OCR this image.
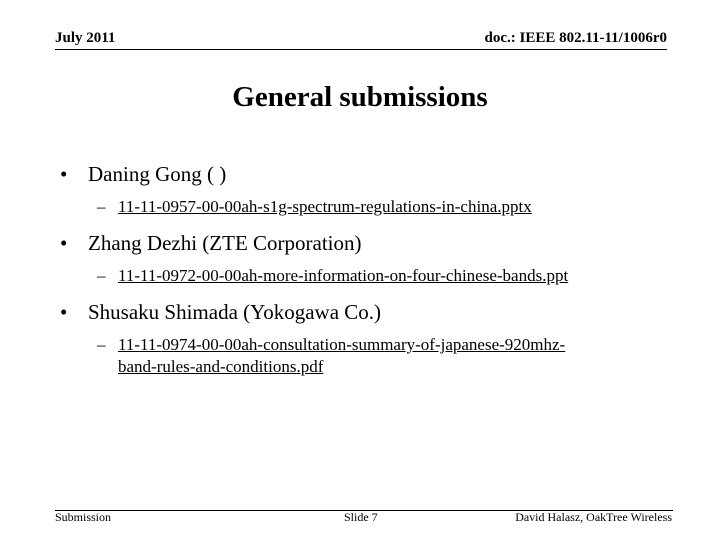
July 2011	doc.: IEEE 802.11-11/1006r0
General submissions
• Daning Gong ( )
– 11-11-0957-00-00ah-s1g-spectrum-regulations-in-china.pptx
• Zhang Dezhi (ZTE Corporation)
– 11-11-0972-00-00ah-more-information-on-four-chinese-bands.ppt
• Shusaku Shimada (Yokogawa Co.)
– 11-11-0974-00-00ah-consultation-summary-of-japanese-920mhz-
band-rules-and-conditions.pdf
Submission	Slide 7	David Halasz, OakTree Wireless
